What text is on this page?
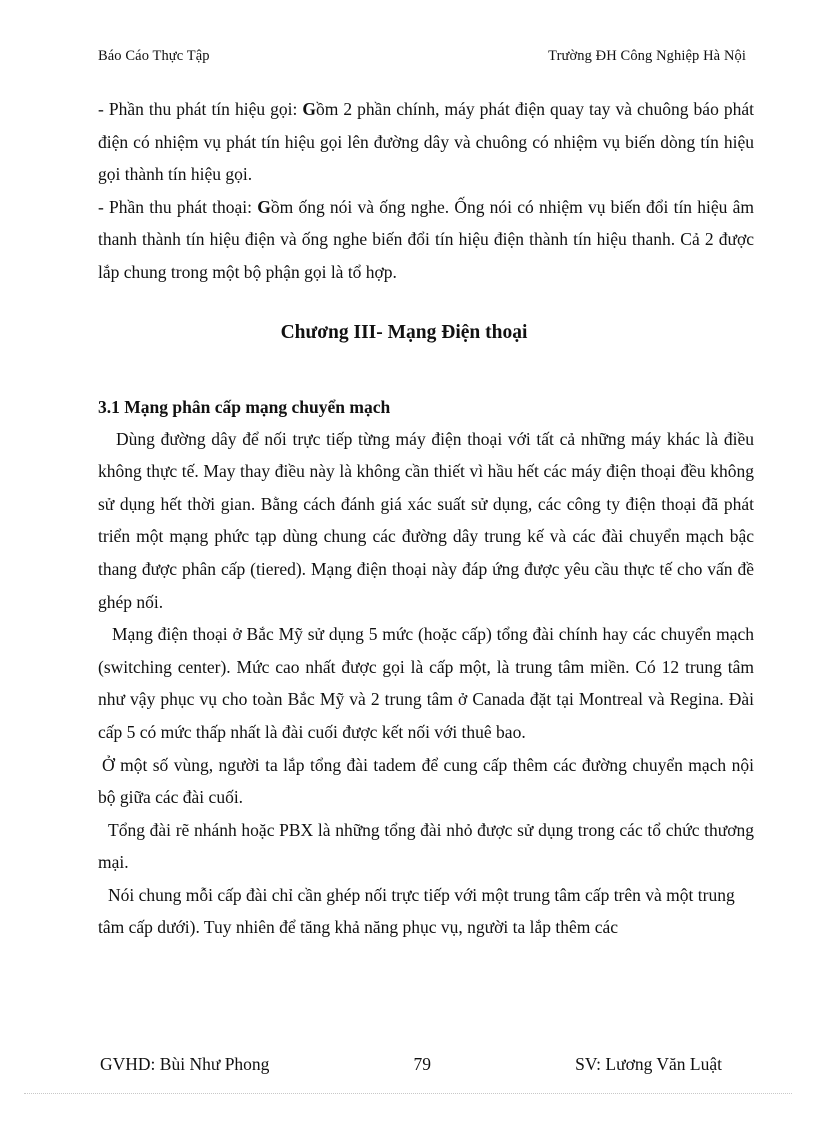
Báo Cáo Thực Tập	Trường ĐH Công Nghiệp Hà Nội

- Phần thu phát tín hiệu gọi: Gồm 2 phần chính, máy phát điện quay tay và chuông báo phát điện có nhiệm vụ phát tín hiệu gọi lên đường dây và chuông có nhiệm vụ biến dòng tín hiệu gọi thành tín hiệu gọi.

- Phần thu phát thoại: Gồm ống nói và ống nghe. Ống nói có nhiệm vụ biến đổi tín hiệu âm thanh thành tín hiệu điện và ống nghe biến đổi tín hiệu điện thành tín hiệu thanh. Cả 2 được lắp chung trong một bộ phận gọi là tổ hợp.

Chương III- Mạng Điện thoại
3.1 Mạng phân cấp mạng chuyển mạch

Dùng đường dây để nối trực tiếp từng máy điện thoại với tất cả những máy khác là điều không thực tế. May thay điều này là không cần thiết vì hầu hết các máy điện thoại đều không sử dụng hết thời gian. Bằng cách đánh giá xác suất sử dụng, các công ty điện thoại đã phát triển một mạng phức tạp dùng chung các đường dây trung kế và các đài chuyển mạch bậc thang được phân cấp (tiered). Mạng điện thoại này đáp ứng được yêu cầu thực tế cho vấn đề ghép nối.

Mạng điện thoại ở Bắc Mỹ sử dụng 5 mức (hoặc cấp) tổng đài chính hay các chuyển mạch (switching center). Mức cao nhất được gọi là cấp một, là trung tâm miền. Có 12 trung tâm như vậy phục vụ cho toàn Bắc Mỹ và 2 trung tâm ở Canada đặt tại Montreal và Regina. Đài cấp 5 có mức thấp nhất là đài cuối được kết nối với thuê bao.

Ở một số vùng, người ta lắp tổng đài tadem để cung cấp thêm các đường chuyển mạch nội bộ giữa các đài cuối.

Tổng đài rẽ nhánh hoặc PBX là những tổng đài nhỏ được sử dụng trong các tổ chức thương mại.

Nói chung mỗi cấp đài chỉ cần ghép nối trực tiếp với một trung tâm cấp trên và một trung tâm cấp dưới). Tuy nhiên để tăng khả năng phục vụ, người ta lắp thêm các

GVHD: Bùi Như Phong	79	SV: Lương Văn Luật
